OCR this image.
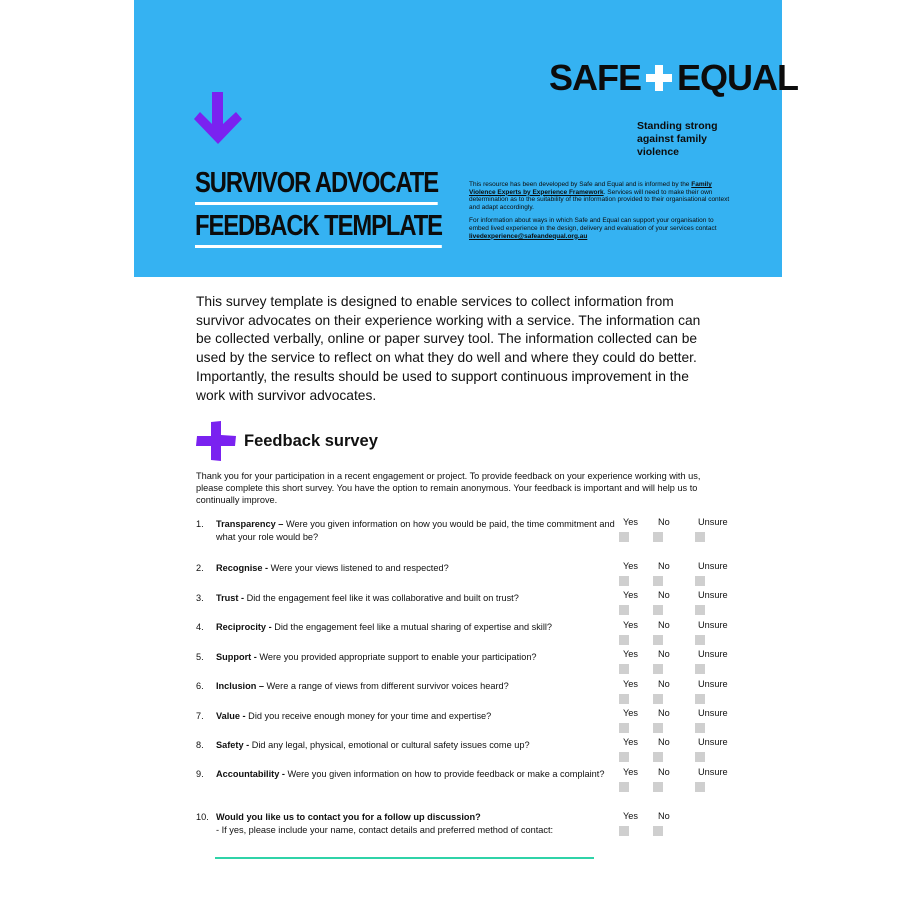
SURVIVOR ADVOCATE
FEEDBACK TEMPLATE
SAFE EQUAL
Standing strong against family violence

This resource has been developed by Safe and Equal and is informed by the Family Violence Experts by Experience Framework. Services will need to make their own determination as to the suitability of the information provided to their organisational context and adapt accordingly.

For information about ways in which Safe and Equal can support your organisation to embed lived experience in the design, delivery and evaluation of your services contact livedexperience@safeandequal.org.au

This survey template is designed to enable services to collect information from survivor advocates on their experience working with a service. The information can be collected verbally, online or paper survey tool. The information collected can be used by the service to reflect on what they do well and where they could do better. Importantly, the results should be used to support continuous improvement in the work with survivor advocates.
Feedback survey
Thank you for your participation in a recent engagement or project. To provide feedback on your experience working with us, please complete this short survey. You have the option to remain anonymous. Your feedback is important and will help us to continually improve.
1.	Transparency – Were you given information on how you would be paid, the time commitment and what your role would be?
Yes No	Unsure
2.	Recognise - Were your views listened to and respected?	Yes No	Unsure
3.	Trust - Did the engagement feel like it was collaborative and built on trust?	Yes No	Unsure
4.	Reciprocity - Did the engagement feel like a mutual sharing of expertise and skill?	Yes No	Unsure
5.	Support - Were you provided appropriate support to enable your participation?	Yes No	Unsure
6.	Inclusion – Were a range of views from different survivor voices heard?	Yes No	Unsure
7.	Value - Did you receive enough money for your time and expertise?	Yes No	Unsure
8.	Safety - Did any legal, physical, emotional or cultural safety issues come up?	Yes No	Unsure
9.	Accountability - Were you given information on how to provide feedback or make a complaint?	Yes No	Unsure
10. Would you like us to contact you for a follow up discussion?
- If yes, please include your name, contact details and preferred method of contact:
Yes No
